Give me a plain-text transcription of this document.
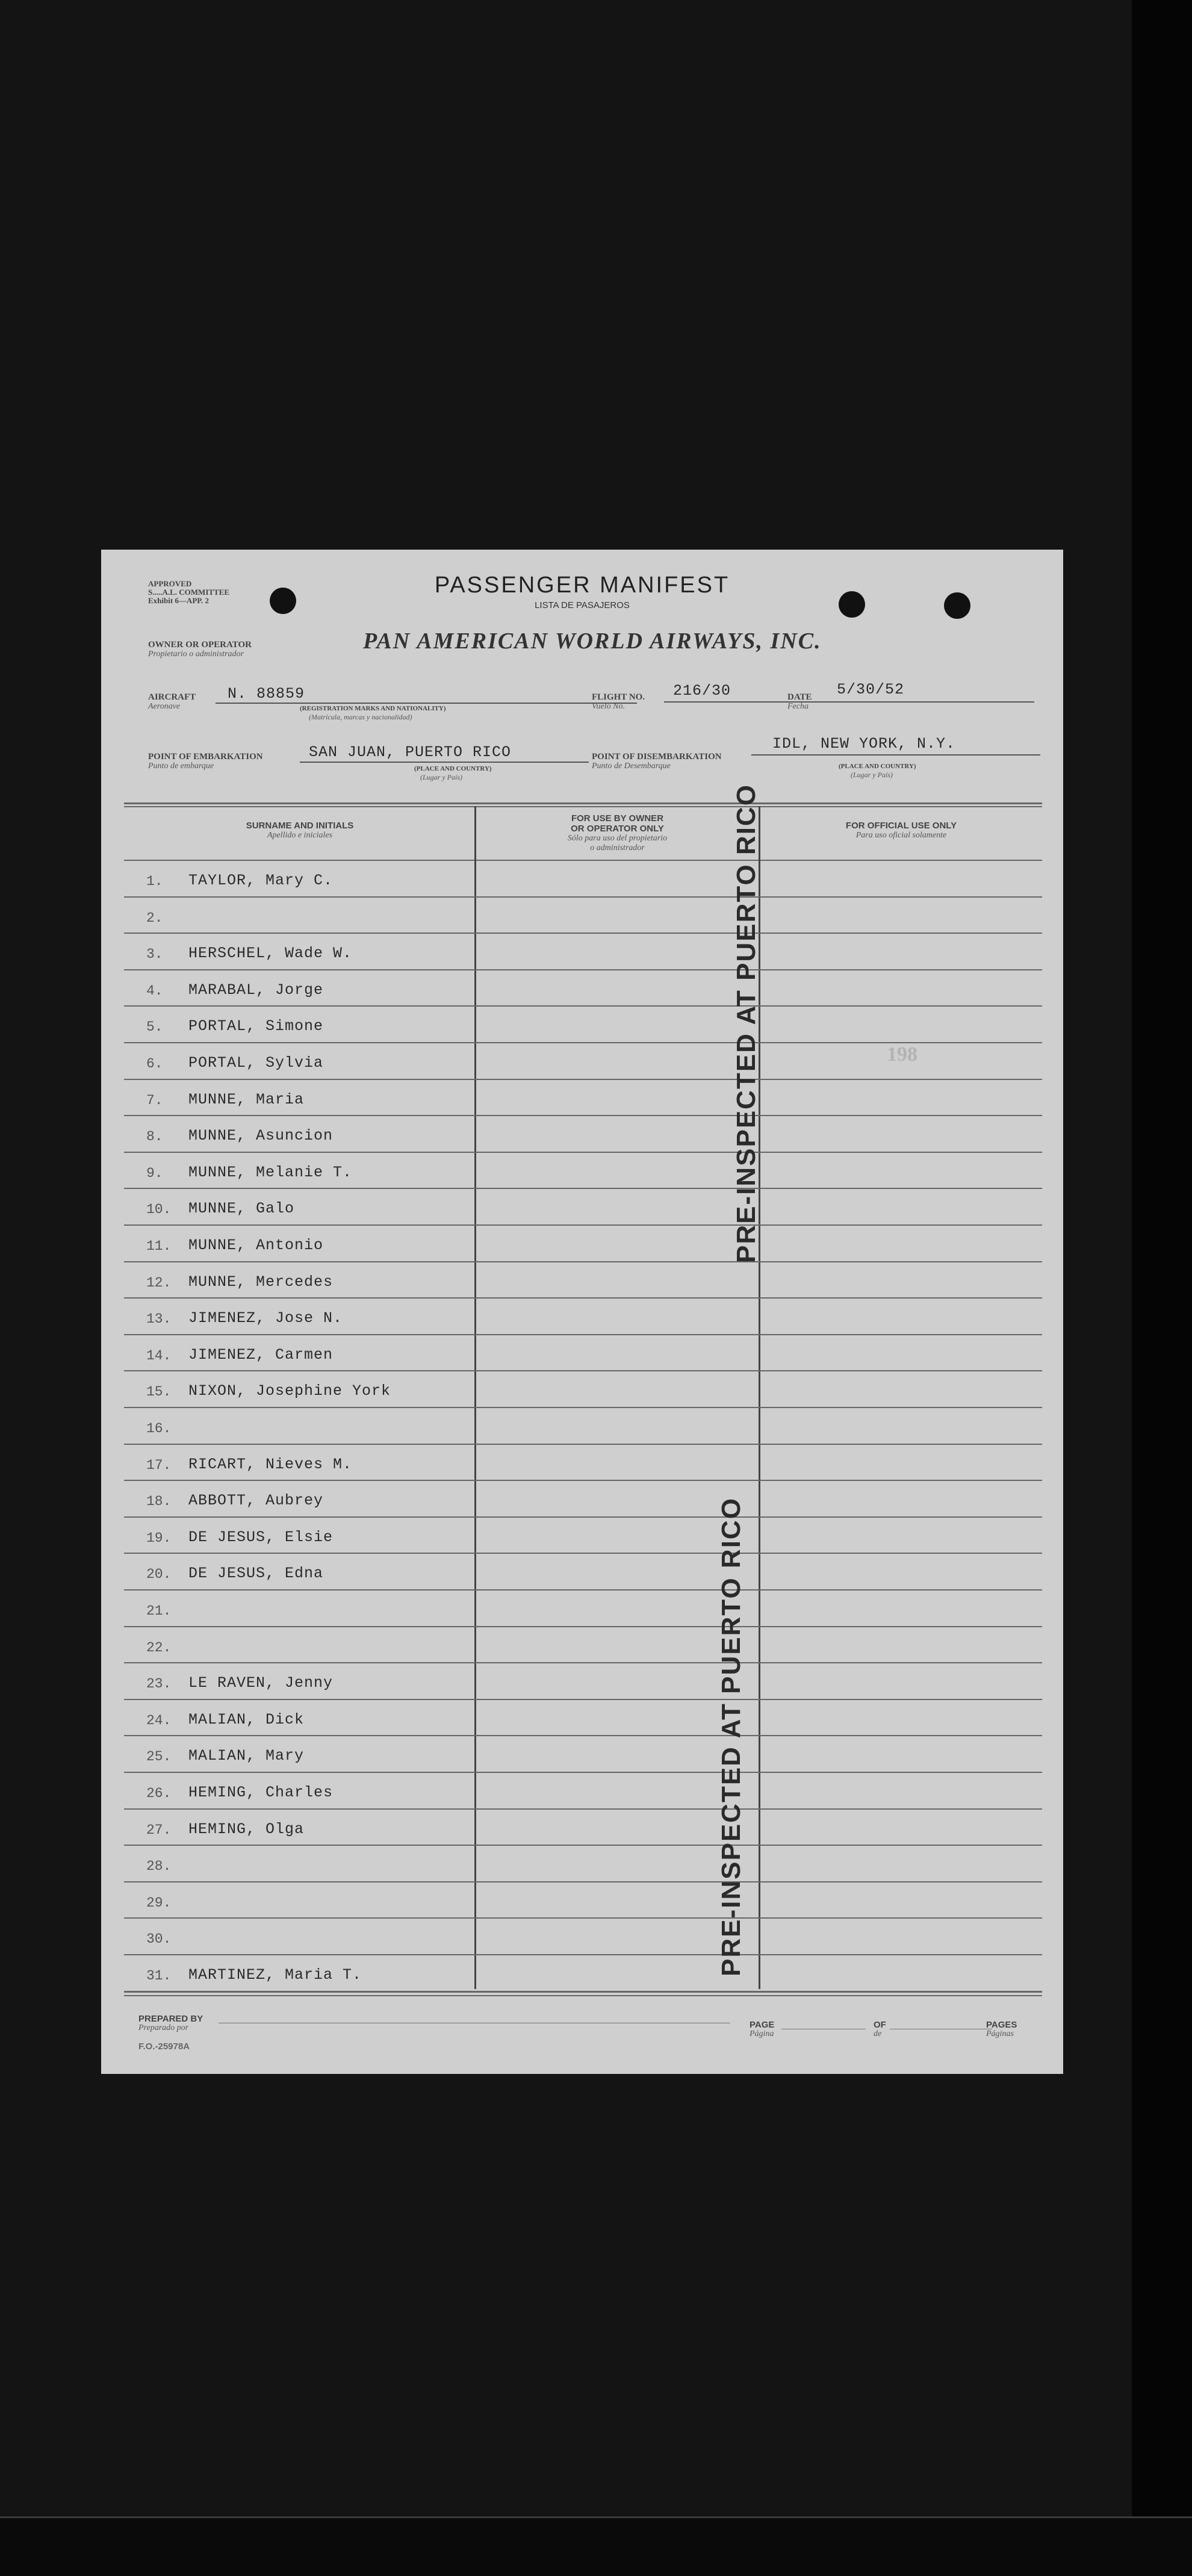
APPROVED
S.....A.L. COMMITTEE
Exhibit 6—APP. 2
PASSENGER MANIFEST
LISTA DE PASAJEROS
OWNER OR OPERATOR
Propietario o administrador
PAN AMERICAN WORLD AIRWAYS, INC.
AIRCRAFT
Aeronave
N. 88859
(REGISTRATION MARKS AND NATIONALITY)
(Matrícula, marcas y nacionalidad)
FLIGHT NO.
Vuelo No.
216/30	DATE
Fecha
5/30/52
POINT OF EMBARKATION
Punto de embarque
SAN JUAN, PUERTO RICO
(PLACE AND COUNTRY)
(Lugar y País)
POINT OF DISEMBARKATION
Punto de Desembarque
IDL, NEW YORK, N.Y.
(PLACE AND COUNTRY)
(Lugar y País)
SURNAME AND INITIALS
Apellido e iniciales
FOR USE BY OWNER
OR OPERATOR ONLY
Sólo para uso del propietario
o administrador
FOR OFFICIAL USE ONLY
Para uso oficial solamente
1. TAYLOR, Mary C.
2.
3. HERSCHEL, Wade W.
4. MARABAL, Jorge
5. PORTAL, Simone
6. PORTAL, Sylvia
7. MUNNE, Maria
8. MUNNE, Asuncion
9. MUNNE, Melanie T.
10. MUNNE, Galo
11. MUNNE, Antonio
12. MUNNE, Mercedes
13. JIMENEZ, Jose N.
14. JIMENEZ, Carmen
15. NIXON, Josephine York
16.
17. RICART, Nieves M.
18. ABBOTT, Aubrey
19. DE JESUS, Elsie
20. DE JESUS, Edna
21.
22.
23. LE RAVEN, Jenny
24. MALIAN, Dick
25. MALIAN, Mary
26. HEMING, Charles
27. HEMING, Olga
28.
29.
30.
31. MARTINEZ, Maria T.
PRE-INSPECTED AT PUERTO RICO
PRE-INSPECTED AT PUERTO RICO
198
PREPARED BY
Preparado por
F.O.-25978A
PAGE
Página
OF
de
PAGES
Páginas
